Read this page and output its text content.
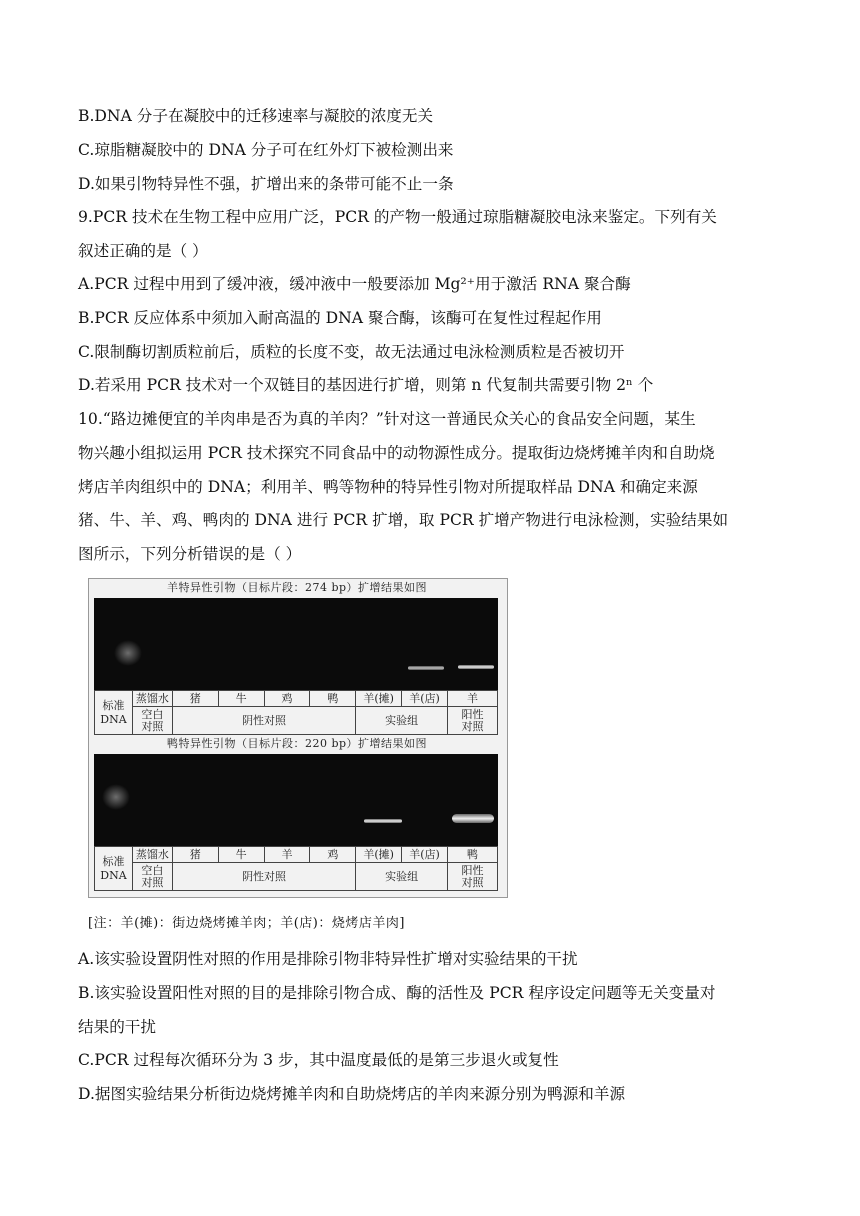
B.DNA 分子在凝胶中的迁移速率与凝胶的浓度无关
C.琼脂糖凝胶中的 DNA 分子可在红外灯下被检测出来
D.如果引物特异性不强，扩增出来的条带可能不止一条
9.PCR 技术在生物工程中应用广泛，PCR 的产物一般通过琼脂糖凝胶电泳来鉴定。下列有关
叙述正确的是（ ）
A.PCR 过程中用到了缓冲液，缓冲液中一般要添加 Mg²⁺用于激活 RNA 聚合酶
B.PCR 反应体系中须加入耐高温的 DNA 聚合酶，该酶可在复性过程起作用
C.限制酶切割质粒前后，质粒的长度不变，故无法通过电泳检测质粒是否被切开
D.若采用 PCR 技术对一个双链目的基因进行扩增，则第 n 代复制共需要引物 2ⁿ 个
10.“路边摊便宜的羊肉串是否为真的羊肉？”针对这一普通民众关心的食品安全问题，某生
物兴趣小组拟运用 PCR 技术探究不同食品中的动物源性成分。提取街边烧烤摊羊肉和自助烧
烤店羊肉组织中的 DNA；利用羊、鸭等物种的特异性引物对所提取样品 DNA 和确定来源
猪、牛、羊、鸡、鸭肉的 DNA 进行 PCR 扩增，取 PCR 扩增产物进行电泳检测，实验结果如
图所示，下列分析错误的是（ ）
羊特异性引物（目标片段：274 bp）扩增结果如图
标准
DNA	蒸馏水	猪	牛	鸡	鸭	羊(摊)	羊(店)	羊
	空白对照	阴性对照				实验组		阳性对照
鸭特异性引物（目标片段：220 bp）扩增结果如图
标准
DNA	蒸馏水	猪	牛	羊	鸡	羊(摊)	羊(店)	鸭
	空白对照	阴性对照				实验组		阳性对照
[注：羊(摊)：街边烧烤摊羊肉；羊(店)：烧烤店羊肉]
A.该实验设置阴性对照的作用是排除引物非特异性扩增对实验结果的干扰
B.该实验设置阳性对照的目的是排除引物合成、酶的活性及 PCR 程序设定问题等无关变量对
结果的干扰
C.PCR 过程每次循环分为 3 步，其中温度最低的是第三步退火或复性
D.据图实验结果分析街边烧烤摊羊肉和自助烧烤店的羊肉来源分别为鸭源和羊源
